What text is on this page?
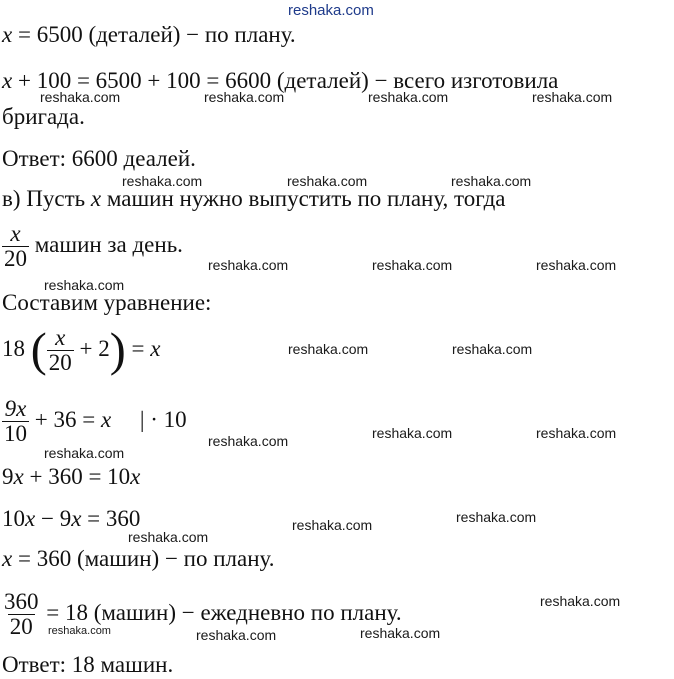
reshaka.com
x = 6500 (деталей) − по плану.
x + 100 = 6500 + 100 = 6600 (деталей) − всего изготовила
reshaka.com	reshaka.com	reshaka.com	reshaka.com
бригада.
Ответ: 6600 деалей.
reshaka.com	reshaka.com	reshaka.com
в) Пусть x машин нужно выпустить по плану, тогда
$\frac{x}{20}$ машин за день.
reshaka.com	reshaka.com	reshaka.com
reshaka.com
Составим уравнение:
18 ( $\frac{x}{20} + 2) = x$	reshaka.com	reshaka.com
$\frac{9x}{10} + 36 = x$     | · 10
reshaka.com	reshaka.com
reshaka.com
reshaka.com
9x + 360 = 10x
10x − 9x = 360	reshaka.com
reshaka.com
reshaka.com
x = 360 (машин) − по плану.
reshaka.com
$\frac{360}{20} = 18$ (машин) − ежедневно по плану.
reshaka.com	reshaka.com	reshaka.com
Ответ: 18 машин.
